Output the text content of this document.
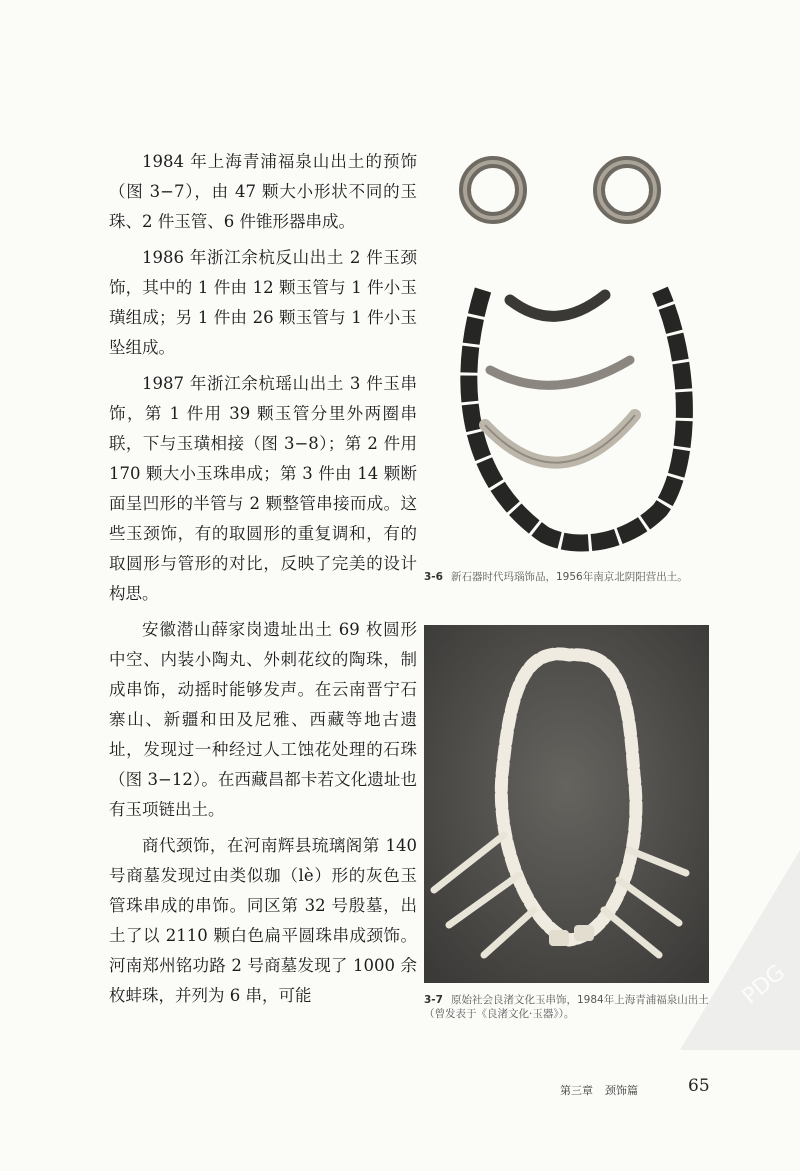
1984 年上海青浦福泉山出土的预饰（图 3−7），由 47 颗大小形状不同的玉珠、2 件玉管、6 件锥形器串成。

1986 年浙江余杭反山出土 2 件玉颈饰，其中的 1 件由 12 颗玉管与 1 件小玉璜组成；另 1 件由 26 颗玉管与 1 件小玉坠组成。

1987 年浙江余杭瑶山出土 3 件玉串饰，第 1 件用 39 颗玉管分里外两圈串联，下与玉璜相接（图 3−8）；第 2 件用 170 颗大小玉珠串成；第 3 件由 14 颗断面呈凹形的半管与 2 颗整管串接而成。这些玉颈饰，有的取圆形的重复调和，有的取圆形与管形的对比，反映了完美的设计构思。

安徽潜山薛家岗遗址出土 69 枚圆形中空、内装小陶丸、外刺花纹的陶珠，制成串饰，动摇时能够发声。在云南晋宁石寨山、新疆和田及尼雅、西藏等地古遗址，发现过一种经过人工蚀花处理的石珠（图 3−12）。在西藏昌都卡若文化遗址也有玉项链出土。

商代颈饰，在河南辉县琉璃阁第 140 号商墓发现过由类似珈（lè）形的灰色玉管珠串成的串饰。同区第 32 号殷墓，出土了以 2110 颗白色扁平圆珠串成颈饰。河南郑州铭功路 2 号商墓发现了 1000 余枚蚌珠，并列为 6 串，可能

3-6 新石器时代玛瑙饰品，1956年南京北阴阳营出土。
3-7 原始社会良渚文化玉串饰，1984年上海青浦福泉山出土（曾发表于《良渚文化·玉器》）。
PDG
第三章 颈饰篇	65
